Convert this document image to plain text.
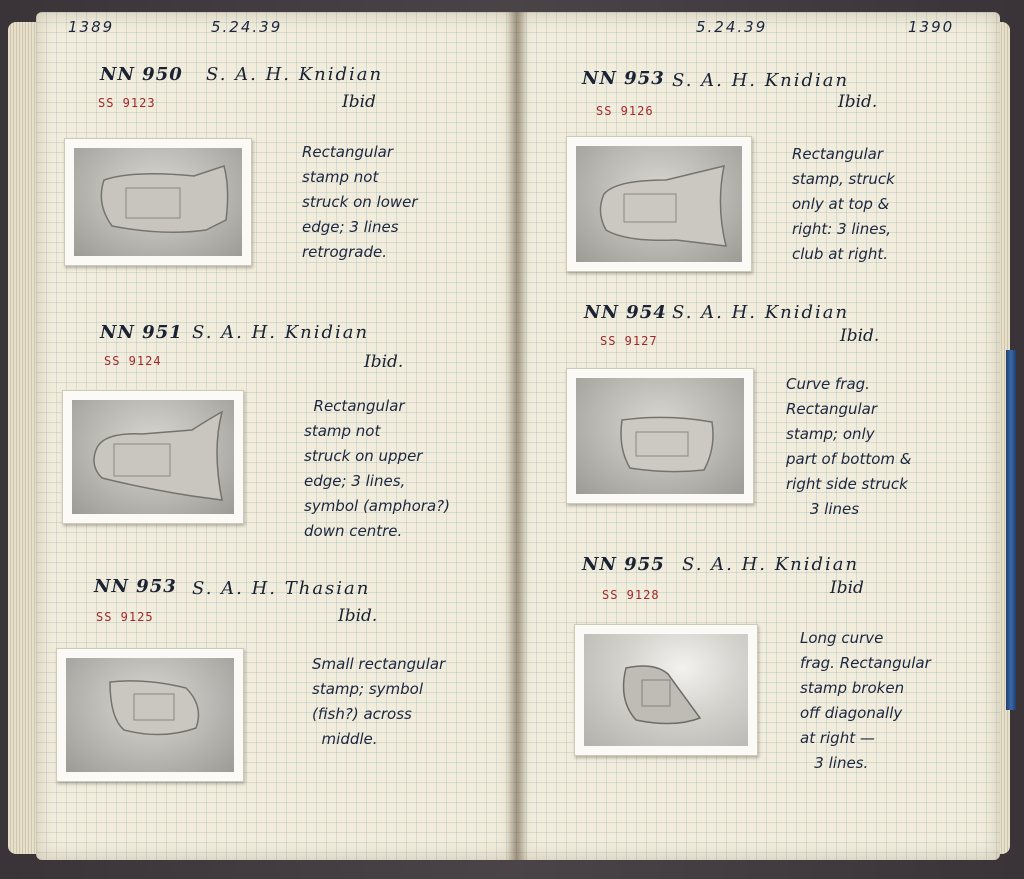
1389	5.24.39
NN 950 S. A. H. Knidian
SS 9123	Ibid
Rectangular
stamp not
struck on lower
edge; 3 lines
retrograde.
NN 951 S. A. H. Knidian
SS 9124	Ibid.
Rectangular
stamp not
struck on upper
edge; 3 lines,
symbol (amphora?)
down centre.
NN 953 S. A. H. Thasian
SS 9125	Ibid.
Small rectangular
stamp; symbol
(fish?) across
middle.
5.24.39	1390
NN 953 S. A. H. Knidian
SS 9126	Ibid.
Rectangular
stamp, struck
only at top &
right: 3 lines,
club at right.
NN 954 S. A. H. Knidian
SS 9127	Ibid.
Curve frag.
Rectangular
stamp; only
part of bottom &
right side struck
3 lines
NN 955 S. A. H. Knidian
SS 9128	Ibid
Long curve
frag. Rectangular
stamp broken
off diagonally
at right —
3 lines.
